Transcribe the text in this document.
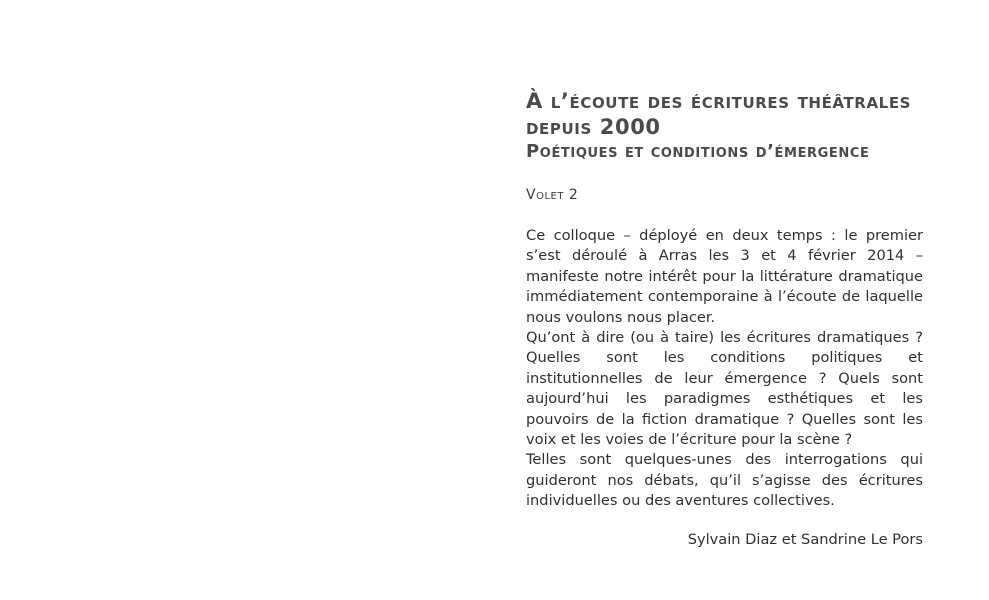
À l’écoute des écritures théâtrales
depuis 2000
Poétiques et conditions d’émergence
Volet 2

Ce colloque – déployé en deux temps : le premier s’est déroulé à Arras les 3 et 4 février 2014 – manifeste notre intérêt pour la littérature dramatique immédiatement contemporaine à l’écoute de laquelle nous voulons nous placer.

Qu’ont à dire (ou à taire) les écritures dramatiques ? Quelles sont les conditions politiques et institutionnelles de leur émergence ? Quels sont aujourd’hui les paradigmes esthétiques et les pouvoirs de la fiction dramatique ? Quelles sont les voix et les voies de l’écriture pour la scène ?

Telles sont quelques-unes des interrogations qui guideront nos débats, qu’il s’agisse des écritures individuelles ou des aventures collectives.

Sylvain Diaz et Sandrine Le Pors
